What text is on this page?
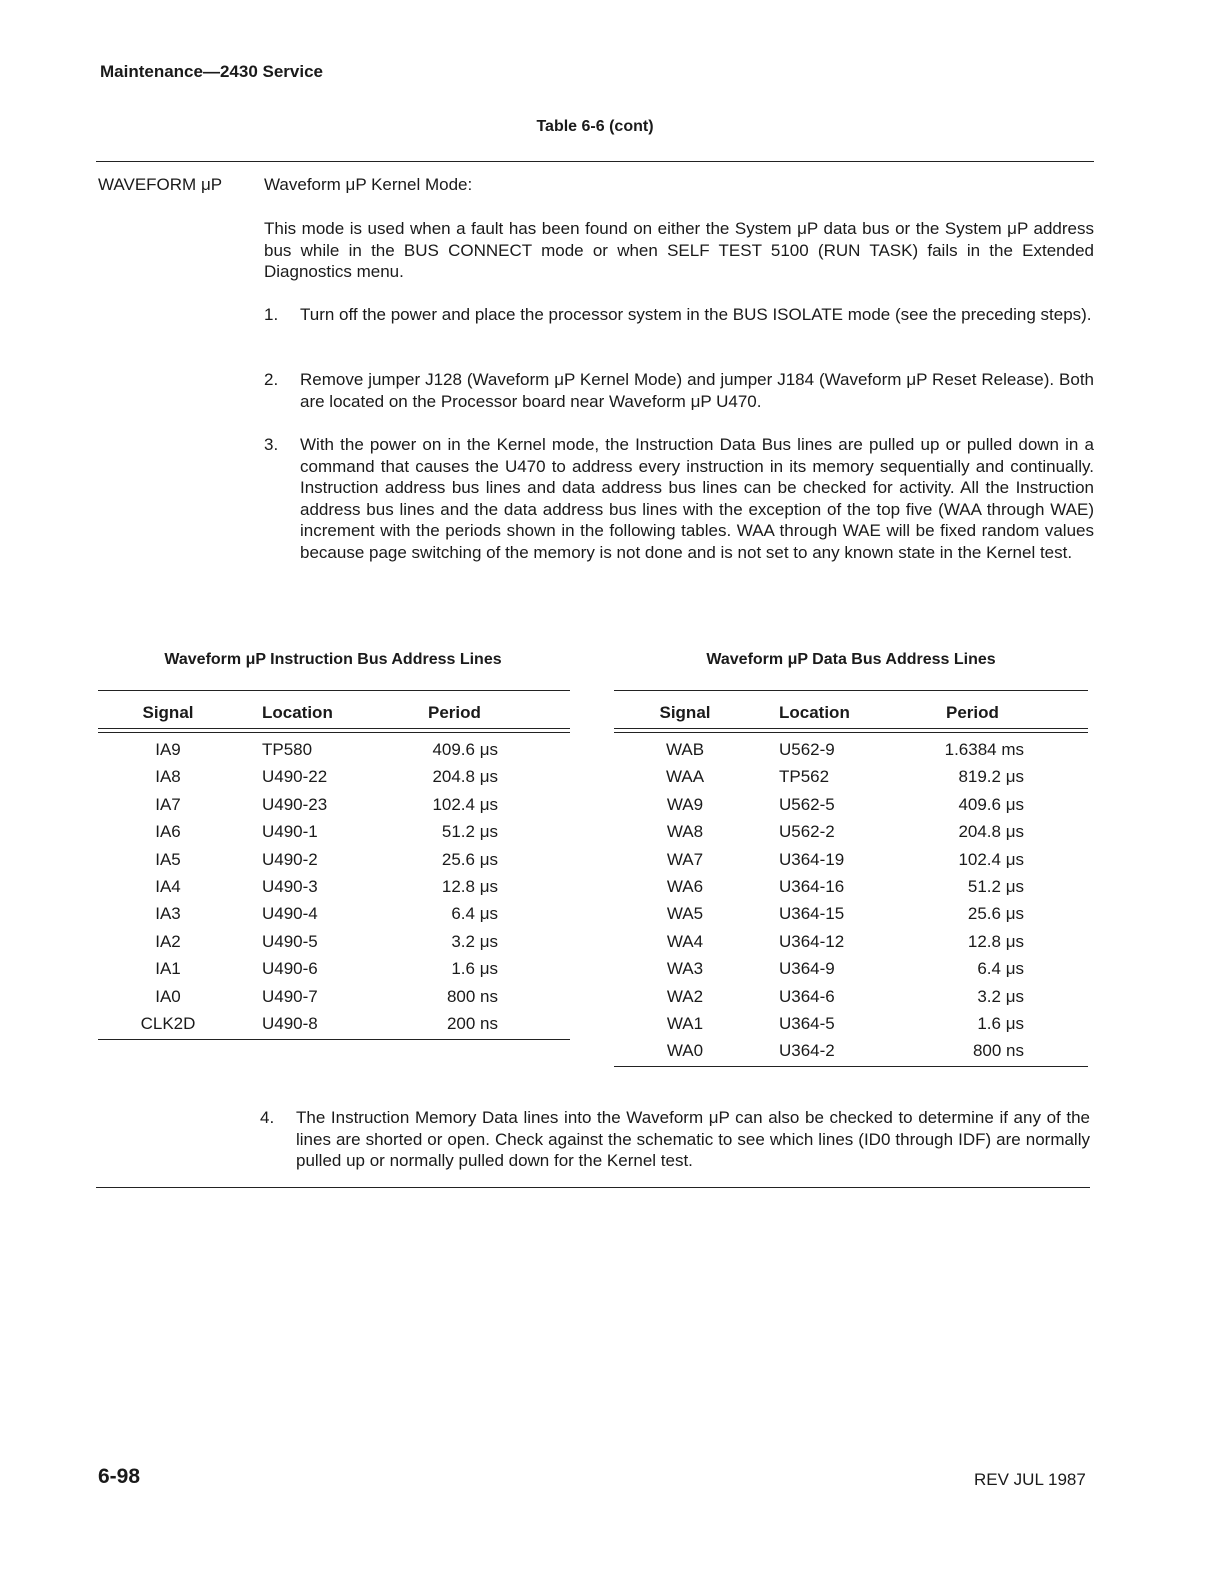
Maintenance—2430 Service
Table 6-6 (cont)
WAVEFORM μP Waveform μP Kernel Mode:
This mode is used when a fault has been found on either the System μP data bus or the System μP address bus while in the BUS CONNECT mode or when SELF TEST 5100 (RUN TASK) fails in the Extended Diagnostics menu.
1. Turn off the power and place the processor system in the BUS ISOLATE mode (see the preceding steps).
2. Remove jumper J128 (Waveform μP Kernel Mode) and jumper J184 (Waveform μP Reset Release). Both are located on the Processor board near Waveform μP U470.
3. With the power on in the Kernel mode, the Instruction Data Bus lines are pulled up or pulled down in a command that causes the U470 to address every instruction in its memory sequentially and continually. Instruction address bus lines and data address bus lines can be checked for activity. All the Instruction address bus lines and the data address bus lines with the exception of the top five (WAA through WAE) increment with the periods shown in the following tables. WAA through WAE will be fixed random values because page switching of the memory is not done and is not set to any known state in the Kernel test.
Waveform μP Instruction Bus Address Lines
Signal	Location	Period
IA9	TP580	409.6 μs
IA8	U490-22	204.8 μs
IA7	U490-23	102.4 μs
IA6	U490-1	51.2 μs
IA5	U490-2	25.6 μs
IA4	U490-3	12.8 μs
IA3	U490-4	6.4 μs
IA2	U490-5	3.2 μs
IA1	U490-6	1.6 μs
IA0	U490-7	800 ns
CLK2D	U490-8	200 ns
Waveform μP Data Bus Address Lines
Signal	Location	Period
WAB	U562-9	1.6384 ms
WAA	TP562	819.2 μs
WA9	U562-5	409.6 μs
WA8	U562-2	204.8 μs
WA7	U364-19	102.4 μs
WA6	U364-16	51.2 μs
WA5	U364-15	25.6 μs
WA4	U364-12	12.8 μs
WA3	U364-9	6.4 μs
WA2	U364-6	3.2 μs
WA1	U364-5	1.6 μs
WA0	U364-2	800 ns
4. The Instruction Memory Data lines into the Waveform μP can also be checked to determine if any of the lines are shorted or open. Check against the schematic to see which lines (ID0 through IDF) are normally pulled up or normally pulled down for the Kernel test.
6-98	REV JUL 1987
